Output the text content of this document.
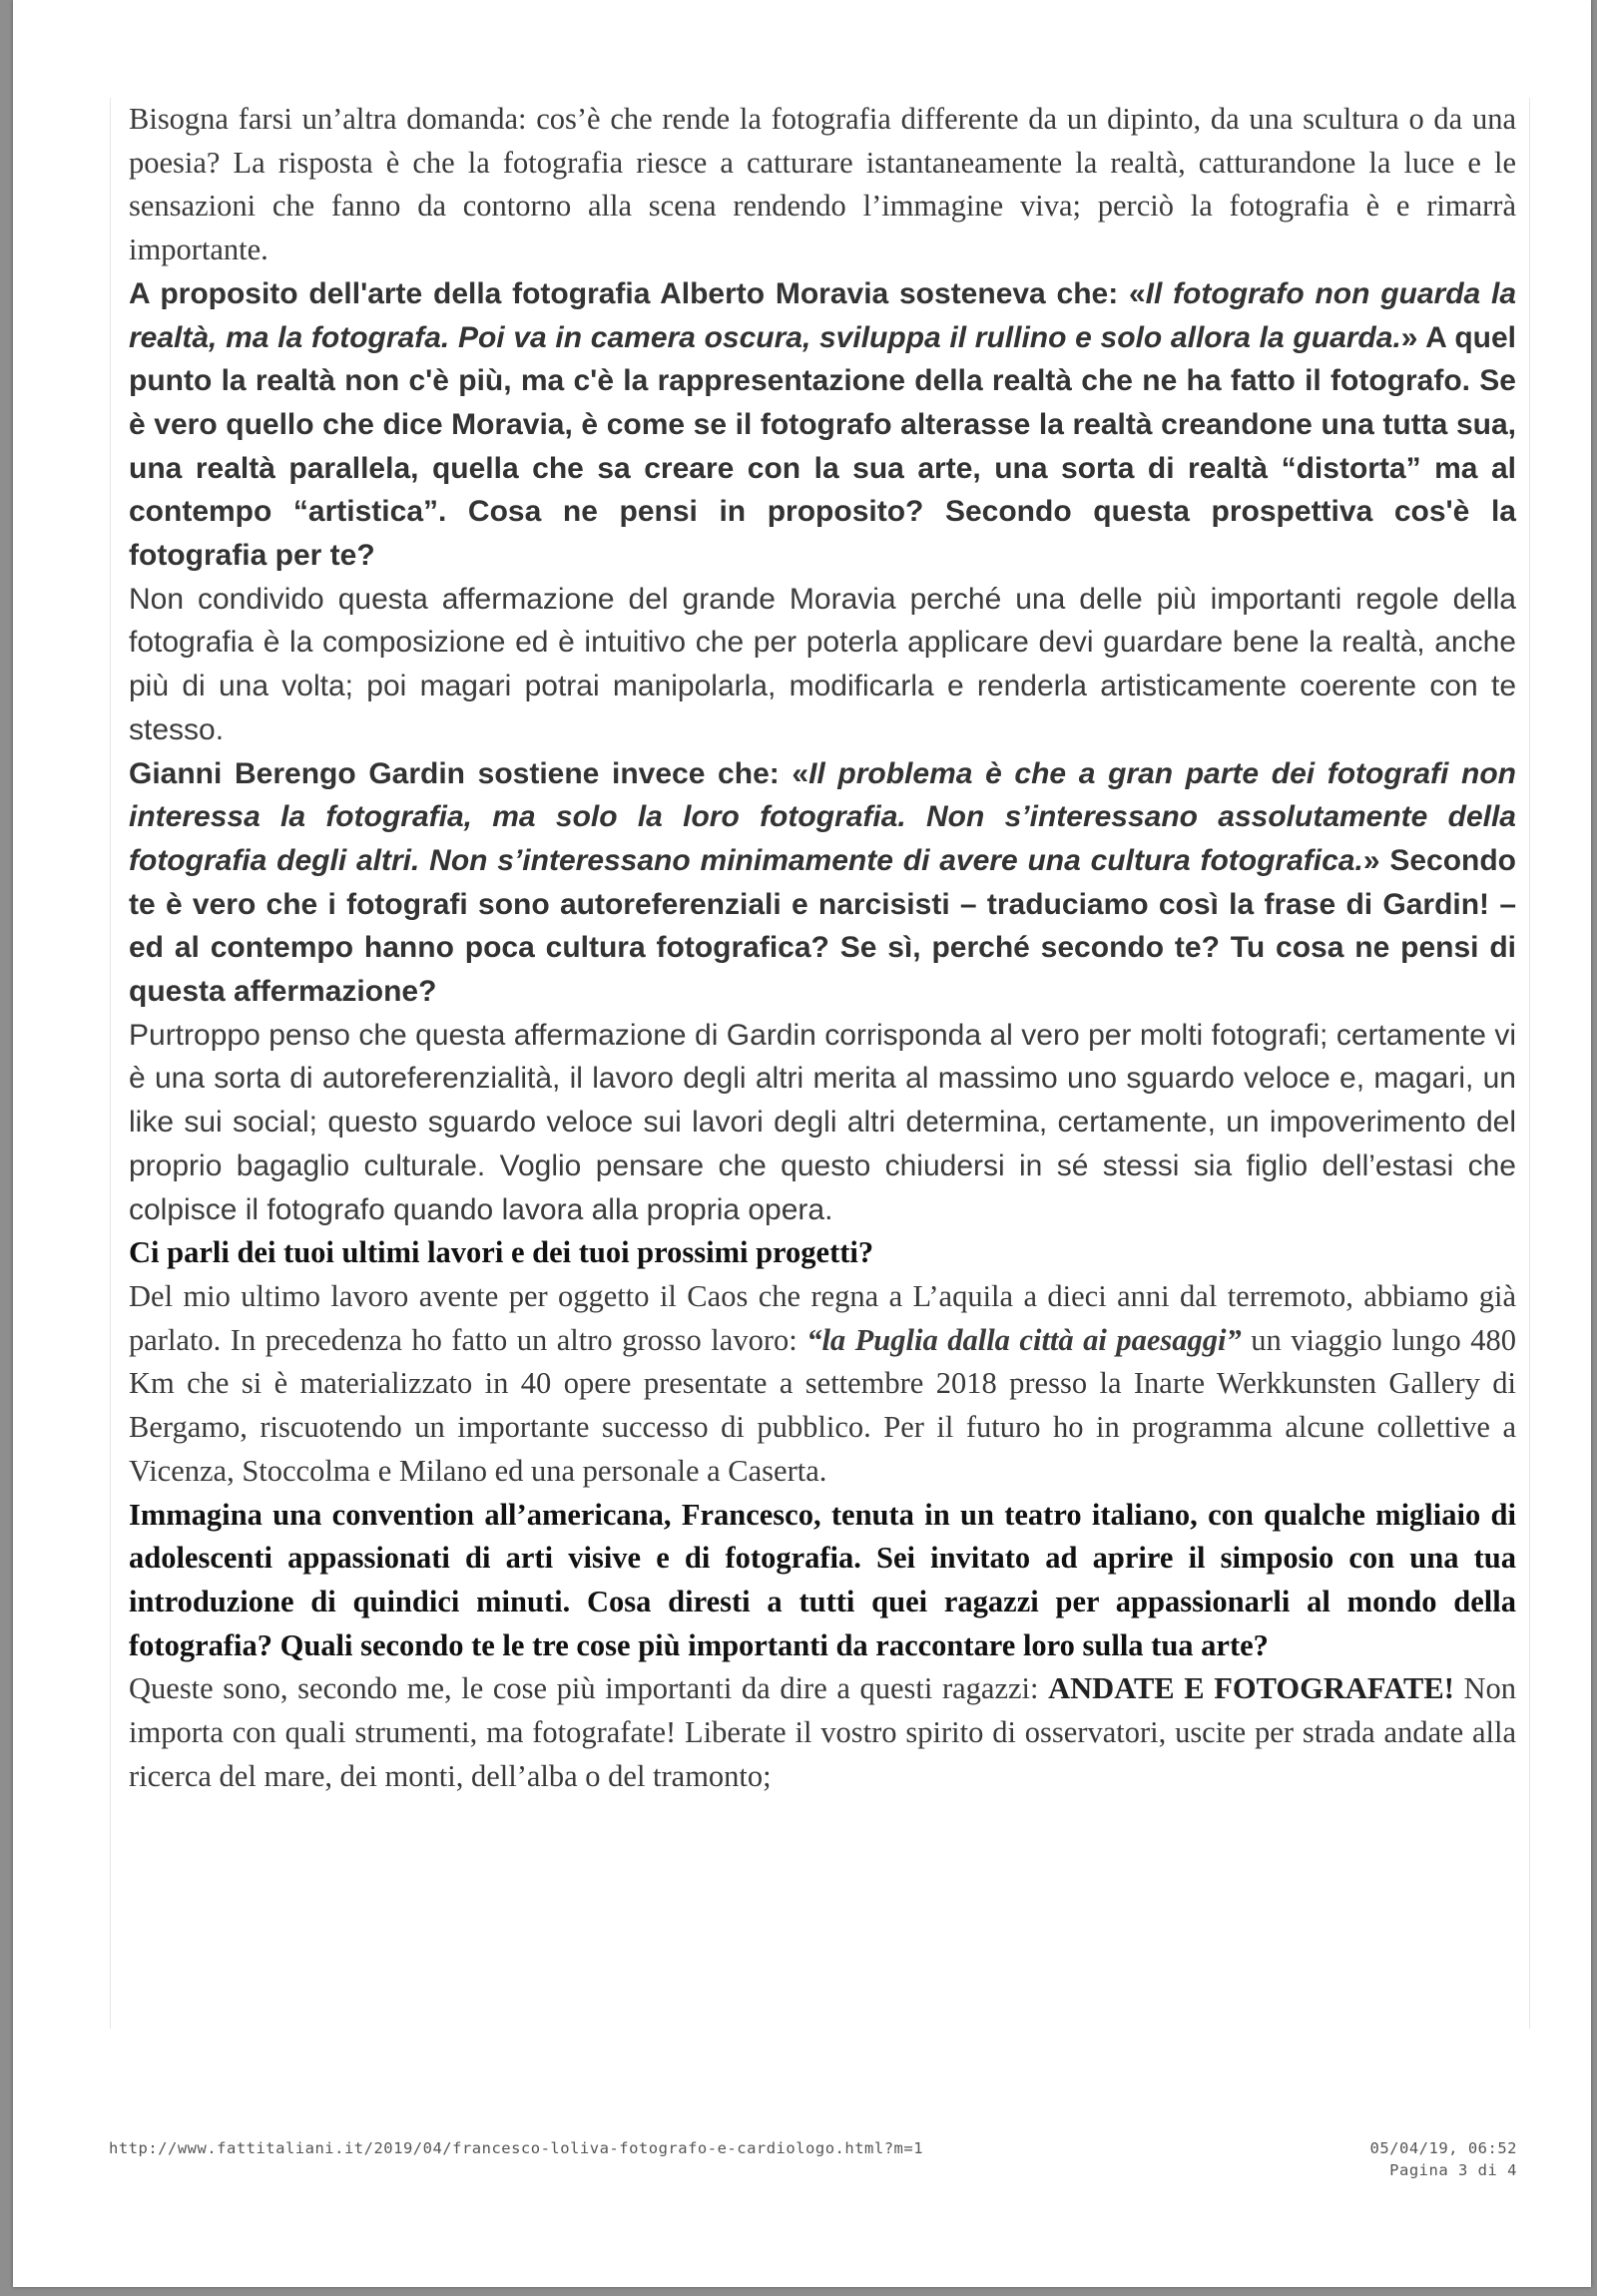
Bisogna farsi un’altra domanda: cos’è che rende la fotografia differente da un dipinto, da una scultura o da una poesia? La risposta è che la fotografia riesce a catturare istantaneamente la realtà, catturandone la luce e le sensazioni che fanno da contorno alla scena rendendo l’immagine viva; perciò la fotografia è e rimarrà importante.

A proposito dell'arte della fotografia Alberto Moravia sosteneva che: «Il fotografo non guarda la realtà, ma la fotografa. Poi va in camera oscura, sviluppa il rullino e solo allora la guarda.» A quel punto la realtà non c'è più, ma c'è la rappresentazione della realtà che ne ha fatto il fotografo. Se è vero quello che dice Moravia, è come se il fotografo alterasse la realtà creandone una tutta sua, una realtà parallela, quella che sa creare con la sua arte, una sorta di realtà “distorta” ma al contempo “artistica”. Cosa ne pensi in proposito? Secondo questa prospettiva cos'è la fotografia per te?

Non condivido questa affermazione del grande Moravia perché una delle più importanti regole della fotografia è la composizione ed è intuitivo che per poterla applicare devi guardare bene la realtà, anche più di una volta; poi magari potrai manipolarla, modificarla e renderla artisticamente coerente con te stesso.

Gianni Berengo Gardin sostiene invece che: «Il problema è che a gran parte dei fotografi non interessa la fotografia, ma solo la loro fotografia. Non s’interessano assolutamente della fotografia degli altri. Non s’interessano minimamente di avere una cultura fotografica.» Secondo te è vero che i fotografi sono autoreferenziali e narcisisti – traduciamo così la frase di Gardin! – ed al contempo hanno poca cultura fotografica? Se sì, perché secondo te? Tu cosa ne pensi di questa affermazione?

Purtroppo penso che questa affermazione di Gardin corrisponda al vero per molti fotografi; certamente vi è una sorta di autoreferenzialità, il lavoro degli altri merita al massimo uno sguardo veloce e, magari, un like sui social; questo sguardo veloce sui lavori degli altri determina, certamente, un impoverimento del proprio bagaglio culturale. Voglio pensare che questo chiudersi in sé stessi sia figlio dell’estasi che colpisce il fotografo quando lavora alla propria opera.

Ci parli dei tuoi ultimi lavori e dei tuoi prossimi progetti?

Del mio ultimo lavoro avente per oggetto il Caos che regna a L’aquila a dieci anni dal terremoto, abbiamo già parlato. In precedenza ho fatto un altro grosso lavoro: “la Puglia dalla città ai paesaggi” un viaggio lungo 480 Km che si è materializzato in 40 opere presentate a settembre 2018 presso la Inarte Werkkunsten Gallery di Bergamo, riscuotendo un importante successo di pubblico. Per il futuro ho in programma alcune collettive a Vicenza, Stoccolma e Milano ed una personale a Caserta.

Immagina una convention all’americana, Francesco, tenuta in un teatro italiano, con qualche migliaio di adolescenti appassionati di arti visive e di fotografia. Sei invitato ad aprire il simposio con una tua introduzione di quindici minuti. Cosa diresti a tutti quei ragazzi per appassionarli al mondo della fotografia? Quali secondo te le tre cose più importanti da raccontare loro sulla tua arte?

Queste sono, secondo me, le cose più importanti da dire a questi ragazzi: ANDATE E FOTOGRAFATE! Non importa con quali strumenti, ma fotografate! Liberate il vostro spirito di osservatori, uscite per strada andate alla ricerca del mare, dei monti, dell’alba o del tramonto;

http://www.fattitaliani.it/2019/04/francesco-loliva-fotografo-e-cardiologo.html?m=1	05/04/19, 06:52
Pagina 3 di 4
